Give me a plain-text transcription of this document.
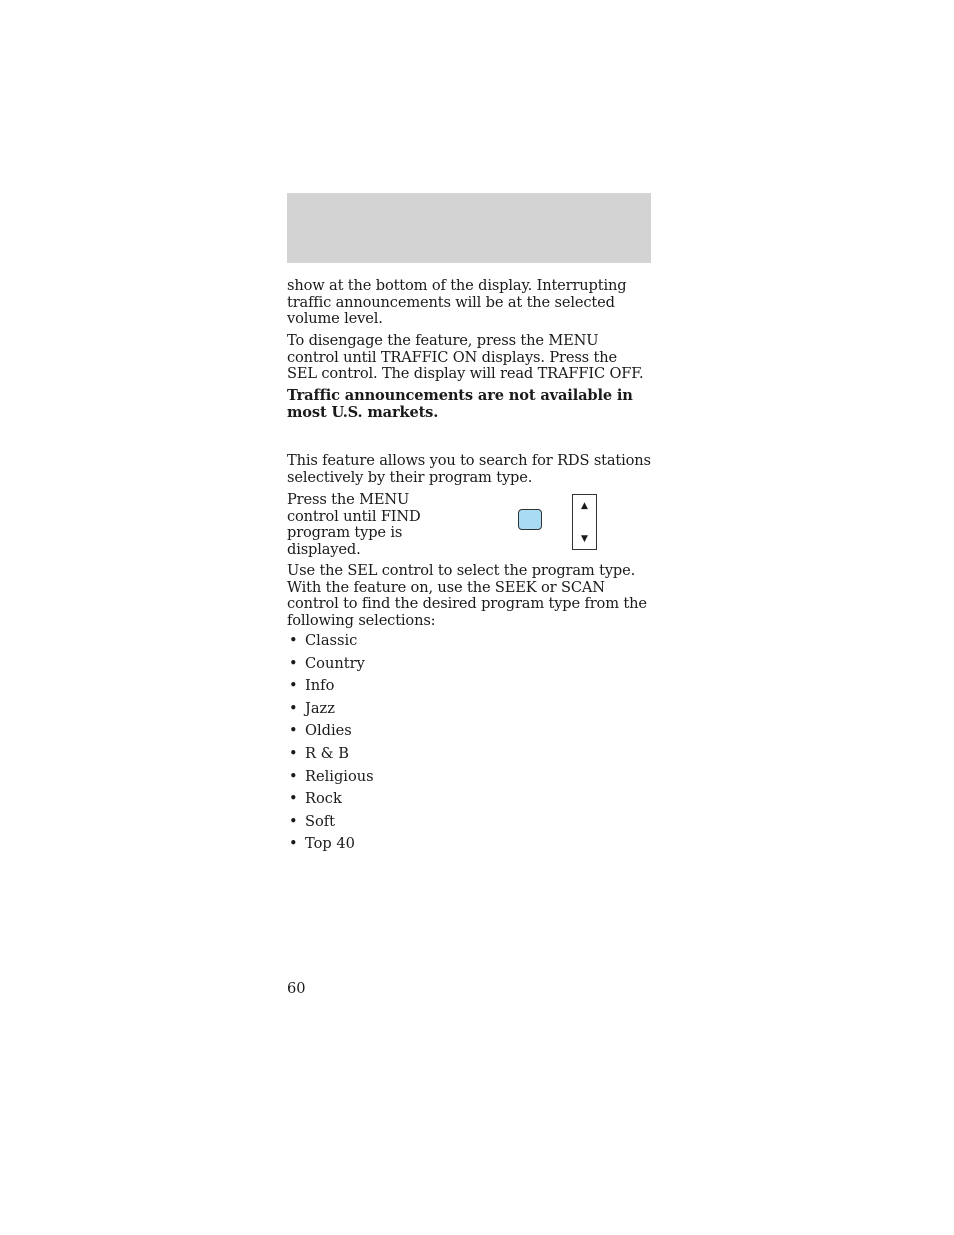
show at the bottom of the display. Interrupting traffic announcements will be at the selected volume level.

To disengage the feature, press the MENU control until TRAFFIC ON displays. Press the SEL control. The display will read TRAFFIC OFF.

Traffic announcements are not available in most U.S. markets.

This feature allows you to search for RDS stations selectively by their program type.

Press the MENU control until FIND program type is displayed.

▲
▼

Use the SEL control to select the program type. With the feature on, use the SEEK or SCAN control to find the desired program type from the following selections:

• Classic
• Country
• Info
• Jazz
• Oldies
• R & B
• Religious
• Rock
• Soft
• Top 40
60
